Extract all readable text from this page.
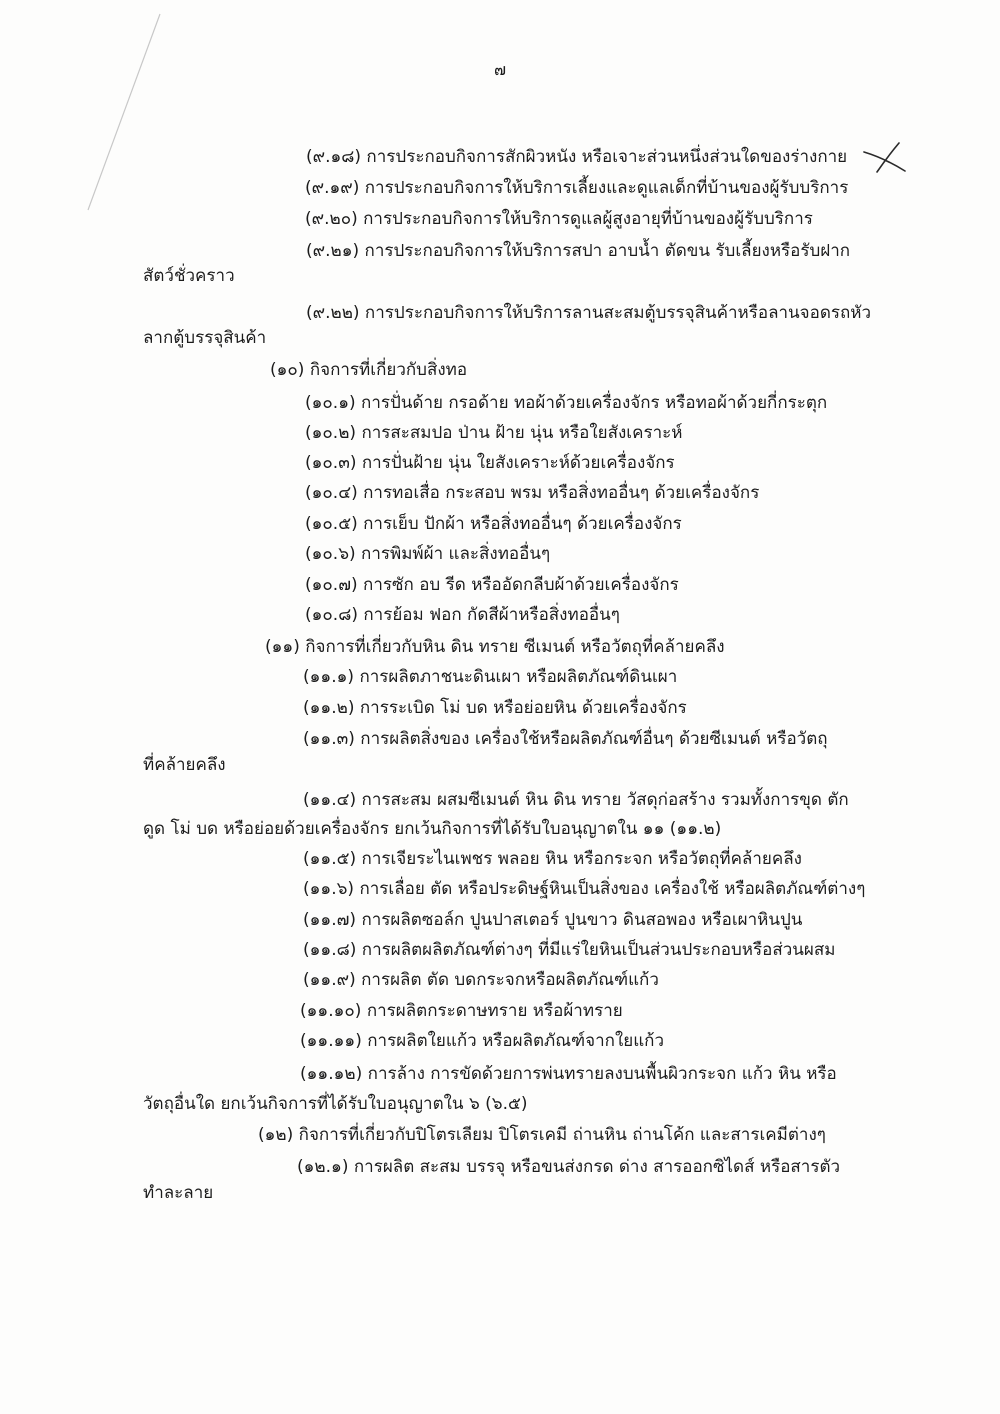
๗
(๙.๑๘) การประกอบกิจการสักผิวหนัง หรือเจาะส่วนหนึ่งส่วนใดของร่างกาย
(๙.๑๙) การประกอบกิจการให้บริการเลี้ยงและดูแลเด็กที่บ้านของผู้รับบริการ
(๙.๒๐) การประกอบกิจการให้บริการดูแลผู้สูงอายุที่บ้านของผู้รับบริการ
(๙.๒๑) การประกอบกิจการให้บริการสปา อาบน้ำ ตัดขน รับเลี้ยงหรือรับฝาก
สัตว์ชั่วคราว
(๙.๒๒) การประกอบกิจการให้บริการลานสะสมตู้บรรจุสินค้าหรือลานจอดรถหัว
ลากตู้บรรจุสินค้า
(๑๐) กิจการที่เกี่ยวกับสิ่งทอ
(๑๐.๑) การปั่นด้าย กรอด้าย ทอผ้าด้วยเครื่องจักร หรือทอผ้าด้วยกี่กระตุก
(๑๐.๒) การสะสมปอ ป่าน ฝ้าย นุ่น หรือใยสังเคราะห์
(๑๐.๓) การปั่นฝ้าย นุ่น ใยสังเคราะห์ด้วยเครื่องจักร
(๑๐.๔) การทอเสื่อ กระสอบ พรม หรือสิ่งทออื่นๆ ด้วยเครื่องจักร
(๑๐.๕) การเย็บ ปักผ้า หรือสิ่งทออื่นๆ ด้วยเครื่องจักร
(๑๐.๖) การพิมพ์ผ้า และสิ่งทออื่นๆ
(๑๐.๗) การซัก อบ รีด หรืออัดกลีบผ้าด้วยเครื่องจักร
(๑๐.๘) การย้อม ฟอก กัดสีผ้าหรือสิ่งทออื่นๆ
(๑๑) กิจการที่เกี่ยวกับหิน ดิน ทราย ซีเมนต์ หรือวัตถุที่คล้ายคลึง
(๑๑.๑) การผลิตภาชนะดินเผา หรือผลิตภัณฑ์ดินเผา
(๑๑.๒) การระเบิด โม่ บด หรือย่อยหิน ด้วยเครื่องจักร
(๑๑.๓) การผลิตสิ่งของ เครื่องใช้หรือผลิตภัณฑ์อื่นๆ ด้วยซีเมนต์ หรือวัตถุ
ที่คล้ายคลึง
(๑๑.๔) การสะสม ผสมซีเมนต์ หิน ดิน ทราย วัสดุก่อสร้าง รวมทั้งการขุด ตัก
ดูด โม่ บด หรือย่อยด้วยเครื่องจักร ยกเว้นกิจการที่ได้รับใบอนุญาตใน ๑๑ (๑๑.๒)
(๑๑.๕) การเจียระไนเพชร พลอย หิน หรือกระจก หรือวัตถุที่คล้ายคลึง
(๑๑.๖) การเลื่อย ตัด หรือประดิษฐ์หินเป็นสิ่งของ เครื่องใช้ หรือผลิตภัณฑ์ต่างๆ
(๑๑.๗) การผลิตซอล์ก ปูนปาสเตอร์ ปูนขาว ดินสอพอง หรือเผาหินปูน
(๑๑.๘) การผลิตผลิตภัณฑ์ต่างๆ ที่มีแร่ใยหินเป็นส่วนประกอบหรือส่วนผสม
(๑๑.๙) การผลิต ตัด บดกระจกหรือผลิตภัณฑ์แก้ว
(๑๑.๑๐) การผลิตกระดาษทราย หรือผ้าทราย
(๑๑.๑๑) การผลิตใยแก้ว หรือผลิตภัณฑ์จากใยแก้ว
(๑๑.๑๒) การล้าง การขัดด้วยการพ่นทรายลงบนพื้นผิวกระจก แก้ว หิน หรือ
วัตถุอื่นใด ยกเว้นกิจการที่ได้รับใบอนุญาตใน ๖ (๖.๕)
(๑๒) กิจการที่เกี่ยวกับปิโตรเลียม ปิโตรเคมี ถ่านหิน ถ่านโค้ก และสารเคมีต่างๆ
(๑๒.๑) การผลิต สะสม บรรจุ หรือขนส่งกรด ด่าง สารออกซิไดส์ หรือสารตัว
ทำละลาย
